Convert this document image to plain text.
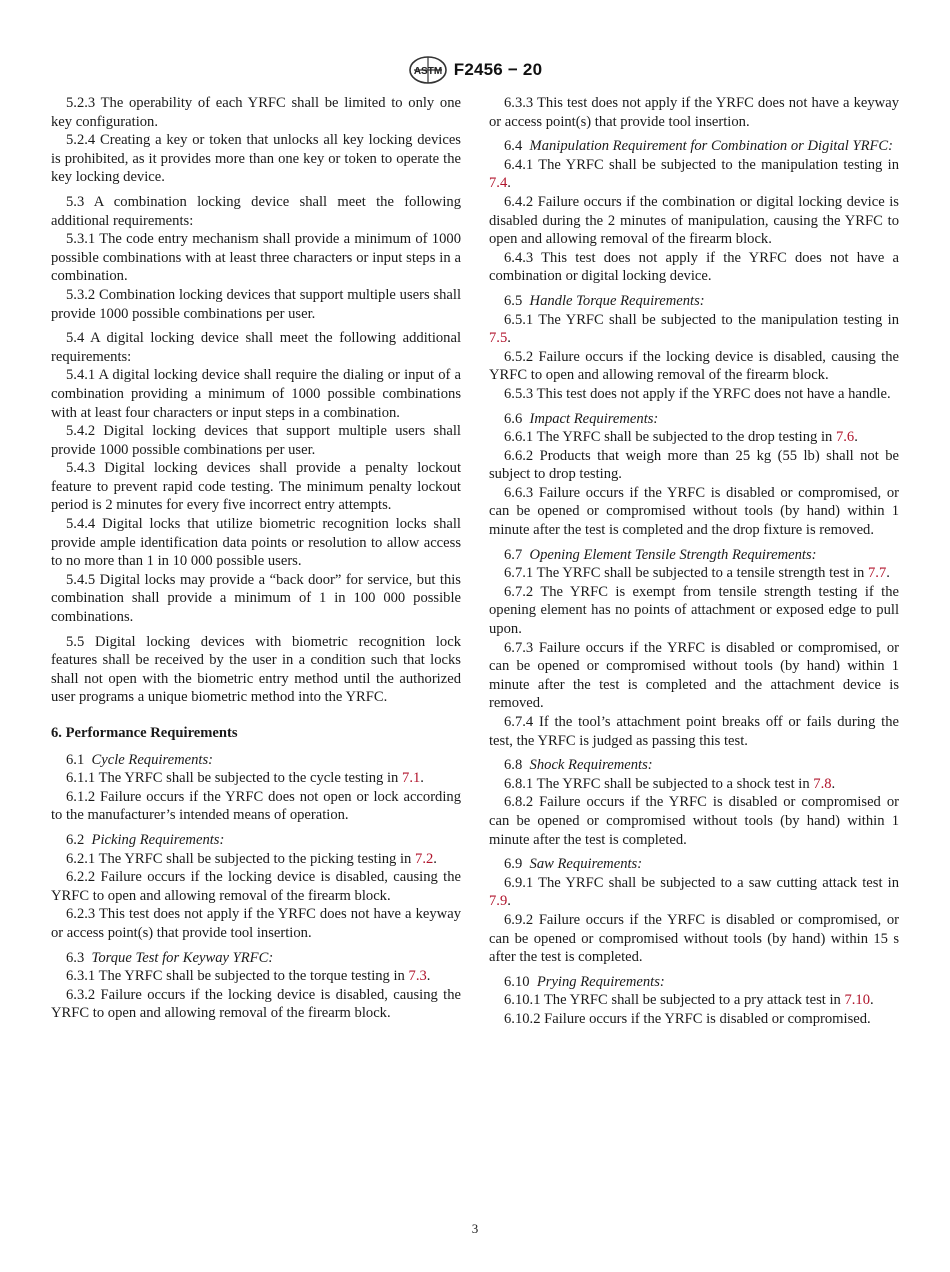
ASTM F2456 − 20

5.2.3 The operability of each YRFC shall be limited to only one key configuration.

5.2.4 Creating a key or token that unlocks all key locking devices is prohibited, as it provides more than one key or token to operate the key locking device.

5.3 A combination locking device shall meet the following additional requirements:

5.3.1 The code entry mechanism shall provide a minimum of 1000 possible combinations with at least three characters or input steps in a combination.

5.3.2 Combination locking devices that support multiple users shall provide 1000 possible combinations per user.

5.4 A digital locking device shall meet the following additional requirements:

5.4.1 A digital locking device shall require the dialing or input of a combination providing a minimum of 1000 possible combinations with at least four characters or input steps in a combination.

5.4.2 Digital locking devices that support multiple users shall provide 1000 possible combinations per user.

5.4.3 Digital locking devices shall provide a penalty lockout feature to prevent rapid code testing. The minimum penalty lockout period is 2 minutes for every five incorrect entry attempts.

5.4.4 Digital locks that utilize biometric recognition locks shall provide ample identification data points or resolution to allow access to no more than 1 in 10 000 possible users.

5.4.5 Digital locks may provide a “back door” for service, but this combination shall provide a minimum of 1 in 100 000 possible combinations.

5.5 Digital locking devices with biometric recognition lock features shall be received by the user in a condition such that locks shall not open with the biometric entry method until the authorized user programs a unique biometric method into the YRFC.

6. Performance Requirements

6.1 Cycle Requirements:

6.1.1 The YRFC shall be subjected to the cycle testing in 7.1.

6.1.2 Failure occurs if the YRFC does not open or lock according to the manufacturer’s intended means of operation.

6.2 Picking Requirements:

6.2.1 The YRFC shall be subjected to the picking testing in 7.2.

6.2.2 Failure occurs if the locking device is disabled, causing the YRFC to open and allowing removal of the firearm block.

6.2.3 This test does not apply if the YRFC does not have a keyway or access point(s) that provide tool insertion.

6.3 Torque Test for Keyway YRFC:

6.3.1 The YRFC shall be subjected to the torque testing in 7.3.

6.3.2 Failure occurs if the locking device is disabled, causing the YRFC to open and allowing removal of the firearm block.

6.3.3 This test does not apply if the YRFC does not have a keyway or access point(s) that provide tool insertion.

6.4 Manipulation Requirement for Combination or Digital YRFC:

6.4.1 The YRFC shall be subjected to the manipulation testing in 7.4.

6.4.2 Failure occurs if the combination or digital locking device is disabled during the 2 minutes of manipulation, causing the YRFC to open and allowing removal of the firearm block.

6.4.3 This test does not apply if the YRFC does not have a combination or digital locking device.

6.5 Handle Torque Requirements:

6.5.1 The YRFC shall be subjected to the manipulation testing in 7.5.

6.5.2 Failure occurs if the locking device is disabled, causing the YRFC to open and allowing removal of the firearm block.

6.5.3 This test does not apply if the YRFC does not have a handle.

6.6 Impact Requirements:

6.6.1 The YRFC shall be subjected to the drop testing in 7.6.

6.6.2 Products that weigh more than 25 kg (55 lb) shall not be subject to drop testing.

6.6.3 Failure occurs if the YRFC is disabled or compromised, or can be opened or compromised without tools (by hand) within 1 minute after the test is completed and the drop fixture is removed.

6.7 Opening Element Tensile Strength Requirements:

6.7.1 The YRFC shall be subjected to a tensile strength test in 7.7.

6.7.2 The YRFC is exempt from tensile strength testing if the opening element has no points of attachment or exposed edge to pull upon.

6.7.3 Failure occurs if the YRFC is disabled or compromised, or can be opened or compromised without tools (by hand) within 1 minute after the test is completed and the attachment device is removed.

6.7.4 If the tool’s attachment point breaks off or fails during the test, the YRFC is judged as passing this test.

6.8 Shock Requirements:

6.8.1 The YRFC shall be subjected to a shock test in 7.8.

6.8.2 Failure occurs if the YRFC is disabled or compromised or can be opened or compromised without tools (by hand) within 1 minute after the test is completed.

6.9 Saw Requirements:

6.9.1 The YRFC shall be subjected to a saw cutting attack test in 7.9.

6.9.2 Failure occurs if the YRFC is disabled or compromised, or can be opened or compromised without tools (by hand) within 15 s after the test is completed.

6.10 Prying Requirements:

6.10.1 The YRFC shall be subjected to a pry attack test in 7.10.

6.10.2 Failure occurs if the YRFC is disabled or compromised.

3
